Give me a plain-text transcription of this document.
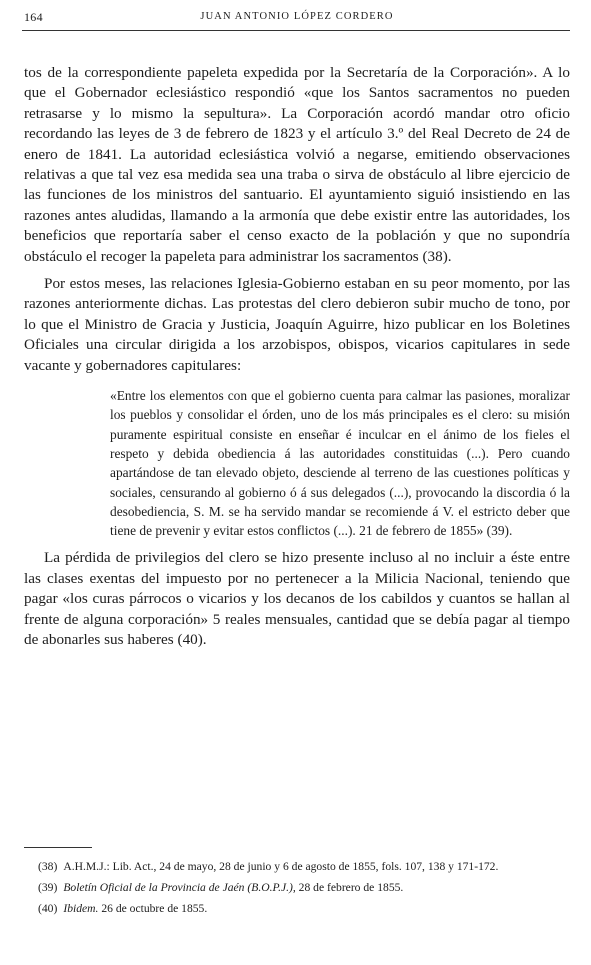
164	JUAN ANTONIO LÓPEZ CORDERO

tos de la correspondiente papeleta expedida por la Secretaría de la Corporación». A lo que el Gobernador eclesiástico respondió «que los Santos sacramentos no pueden retrasarse y lo mismo la sepultura». La Corporación acordó mandar otro oficio recordando las leyes de 3 de febrero de 1823 y el artículo 3.º del Real Decreto de 24 de enero de 1841. La autoridad eclesiástica volvió a negarse, emitiendo observaciones relativas a que tal vez esa medida sea una traba o sirva de obstáculo al libre ejercicio de las funciones de los ministros del santuario. El ayuntamiento siguió insistiendo en las razones antes aludidas, llamando a la armonía que debe existir entre las autoridades, los beneficios que reportaría saber el censo exacto de la población y que no supondría obstáculo el recoger la papeleta para administrar los sacramentos (38).

Por estos meses, las relaciones Iglesia-Gobierno estaban en su peor momento, por las razones anteriormente dichas. Las protestas del clero debieron subir mucho de tono, por lo que el Ministro de Gracia y Justicia, Joaquín Aguirre, hizo publicar en los Boletines Oficiales una circular dirigida a los arzobispos, obispos, vicarios capitulares in sede vacante y gobernadores capitulares:

«Entre los elementos con que el gobierno cuenta para calmar las pasiones, moralizar los pueblos y consolidar el órden, uno de los más principales es el clero: su misión puramente espiritual consiste en enseñar é inculcar en el ánimo de los fieles el respeto y debida obediencia á las autoridades constituidas (...). Pero cuando apartándose de tan elevado objeto, desciende al terreno de las cuestiones políticas y sociales, censurando al gobierno ó á sus delegados (...), provocando la discordia ó la desobediencia, S. M. se ha servido mandar se recomiende á V. el estricto deber que tiene de prevenir y evitar estos conflictos (...). 21 de febrero de 1855» (39).

La pérdida de privilegios del clero se hizo presente incluso al no incluir a éste entre las clases exentas del impuesto por no pertenecer a la Milicia Nacional, teniendo que pagar «los curas párrocos o vicarios y los decanos de los cabildos y cuantos se hallan al frente de alguna corporación» 5 reales mensuales, cantidad que se debía pagar al tiempo de abonarles sus haberes (40).

(38) A.H.M.J.: Lib. Act., 24 de mayo, 28 de junio y 6 de agosto de 1855, fols. 107, 138 y 171-172.

(39) Boletín Oficial de la Provincia de Jaén (B.O.P.J.), 28 de febrero de 1855.

(40) Ibidem. 26 de octubre de 1855.
